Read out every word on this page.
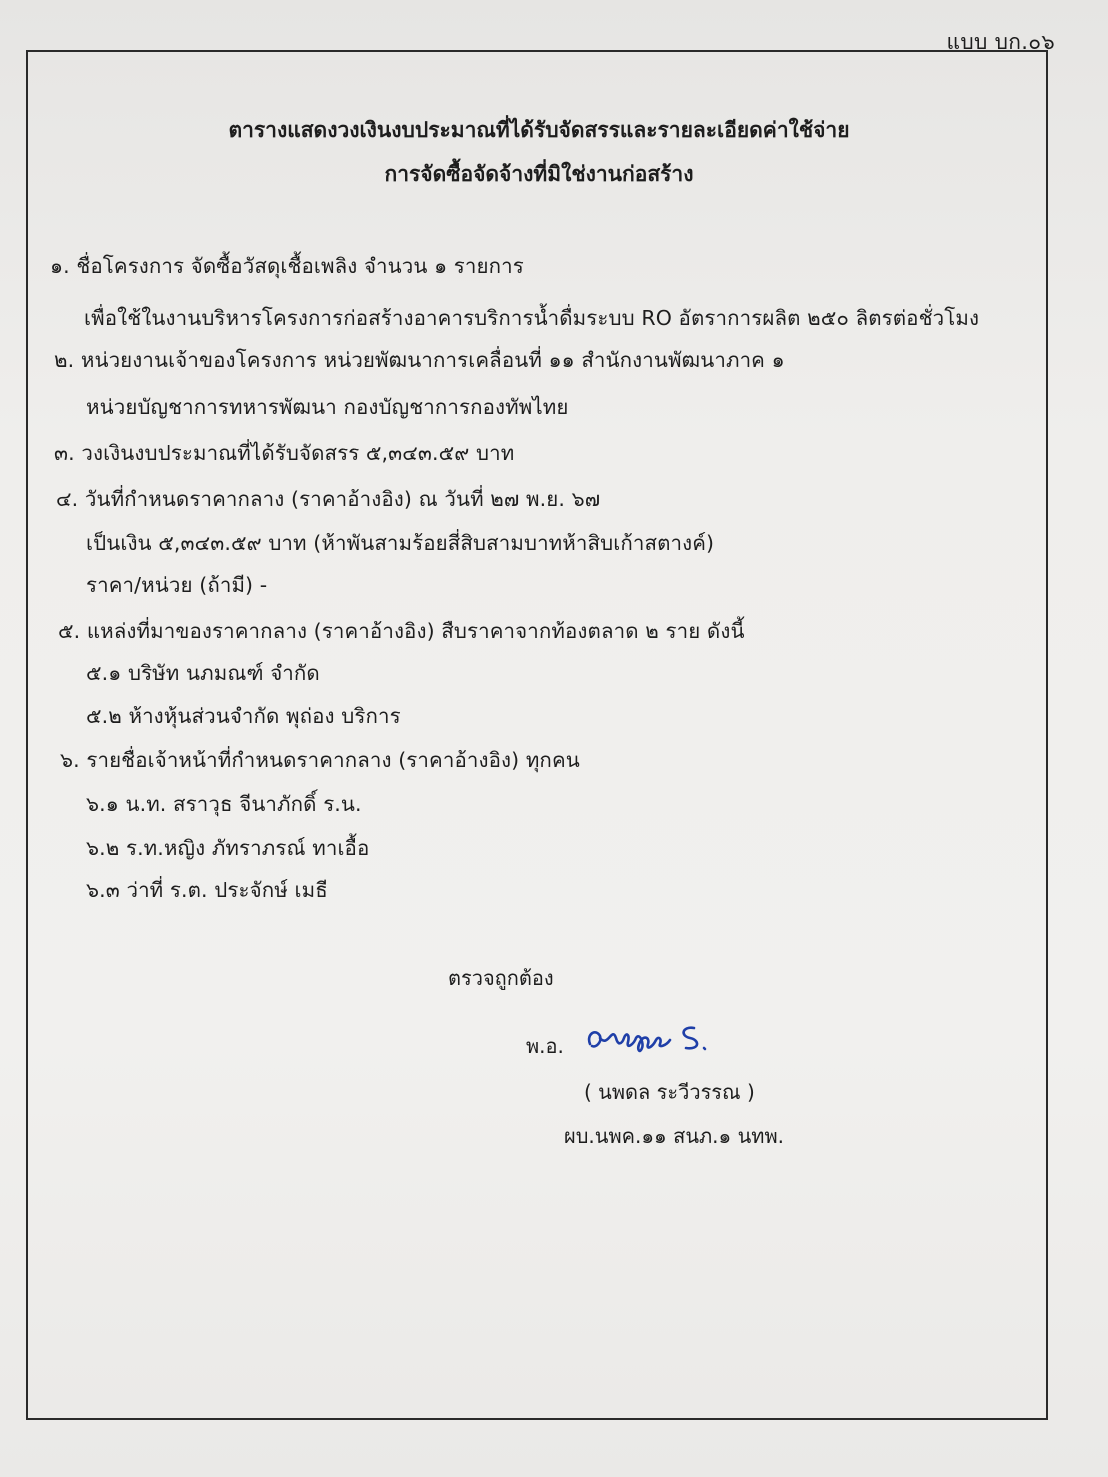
แบบ บก.๐๖
ตารางแสดงวงเงินงบประมาณที่ได้รับจัดสรรและรายละเอียดค่าใช้จ่าย
การจัดซื้อจัดจ้างที่มิใช่งานก่อสร้าง
๑. ชื่อโครงการ จัดซื้อวัสดุเชื้อเพลิง จำนวน ๑ รายการ
เพื่อใช้ในงานบริหารโครงการก่อสร้างอาคารบริการน้ำดื่มระบบ RO อัตราการผลิต ๒๕๐ ลิตรต่อชั่วโมง
๒. หน่วยงานเจ้าของโครงการ หน่วยพัฒนาการเคลื่อนที่ ๑๑ สำนักงานพัฒนาภาค ๑
หน่วยบัญชาการทหารพัฒนา กองบัญชาการกองทัพไทย
๓. วงเงินงบประมาณที่ได้รับจัดสรร ๕,๓๔๓.๕๙ บาท
๔. วันที่กำหนดราคากลาง (ราคาอ้างอิง) ณ วันที่ ๒๗ พ.ย. ๖๗
เป็นเงิน ๕,๓๔๓.๕๙ บาท (ห้าพันสามร้อยสี่สิบสามบาทห้าสิบเก้าสตางค์)
ราคา/หน่วย (ถ้ามี) -
๕. แหล่งที่มาของราคากลาง (ราคาอ้างอิง) สืบราคาจากท้องตลาด ๒ ราย ดังนี้
๕.๑ บริษัท นภมณฑ์ จำกัด
๕.๒ ห้างหุ้นส่วนจำกัด พุถ่อง บริการ
๖. รายชื่อเจ้าหน้าที่กำหนดราคากลาง (ราคาอ้างอิง) ทุกคน
๖.๑ น.ท. สราวุธ จีนาภักดิ์ ร.น.
๖.๒ ร.ท.หญิง ภัทราภรณ์ ทาเอื้อ
๖.๓ ว่าที่ ร.ต. ประจักษ์ เมธี
ตรวจถูกต้อง
พ.อ.
( นพดล ระวีวรรณ )
ผบ.นพค.๑๑ สนภ.๑ นทพ.
